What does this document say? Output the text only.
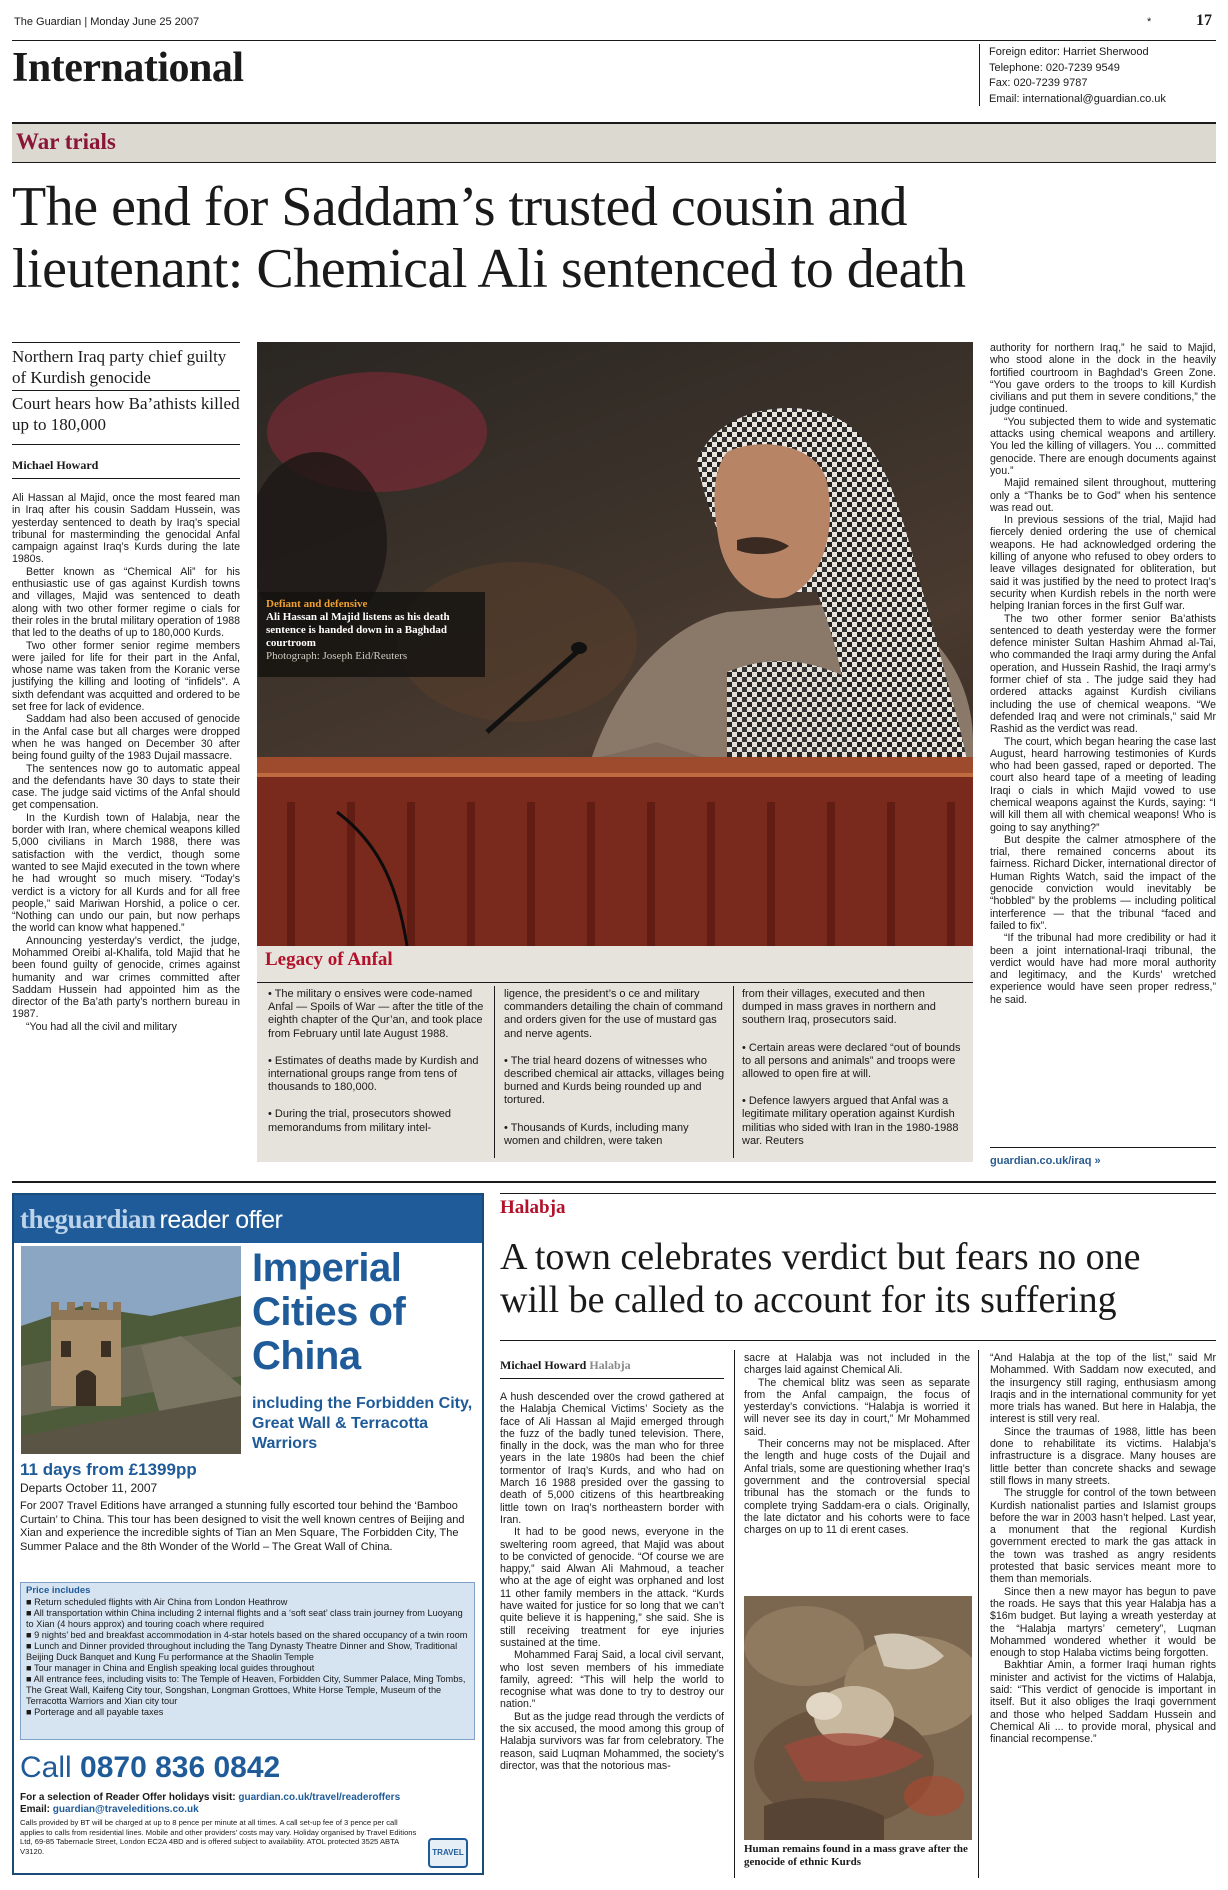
The Guardian | Monday June 25 2007	*	17
International	Foreign editor: Harriet Sherwood
Telephone: 020-7239 9549
Fax: 020-7239 9787
Email: international@guardian.co.uk
War trials
The end for Saddam’s trusted cousin and
lieutenant: Chemical Ali sentenced to death
Northern Iraq party chief guilty of Kurdish genocide
Court hears how Ba’athists killed up to 180,000
Michael Howard

Ali Hassan al Majid, once the most feared man in Iraq after his cousin Saddam Hussein, was yesterday sentenced to death by Iraq’s special tribunal for masterminding the genocidal Anfal campaign against Iraq’s Kurds during the late 1980s.

Better known as “Chemical Ali” for his enthusiastic use of gas against Kurdish towns and villages, Majid was sentenced to death along with two other former regime o cials for their roles in the brutal military operation of 1988 that led to the deaths of up to 180,000 Kurds.

Two other former senior regime members were jailed for life for their part in the Anfal, whose name was taken from the Koranic verse justifying the killing and looting of “infidels”. A sixth defendant was acquitted and ordered to be set free for lack of evidence.

Saddam had also been accused of genocide in the Anfal case but all charges were dropped when he was hanged on December 30 after being found guilty of the 1983 Dujail massacre.

The sentences now go to automatic appeal and the defendants have 30 days to state their case. The judge said victims of the Anfal should get compensation.

In the Kurdish town of Halabja, near the border with Iran, where chemical weapons killed 5,000 civilians in March 1988, there was satisfaction with the verdict, though some wanted to see Majid executed in the town where he had wrought so much misery. “Today’s verdict is a victory for all Kurds and for all free people,” said Mariwan Horshid, a police o cer. “Nothing can undo our pain, but now perhaps the world can know what happened.”

Announcing yesterday’s verdict, the judge, Mohammed Oreibi al-Khalifa, told Majid that he been found guilty of genocide, crimes against humanity and war crimes committed after Saddam Hussein had appointed him as the director of the Ba’ath party’s northern bureau in 1987.

“You had all the civil and military

Defiant and defensive
Ali Hassan al Majid listens as his death sentence is handed down in a Baghdad courtroom
Photograph: Joseph Eid/Reuters
Legacy of Anfal

• The military o ensives were code-named Anfal — Spoils of War — after the title of the eighth chapter of the Qur’an, and took place from February until late August 1988.

• Estimates of deaths made by Kurdish and international groups range from tens of thousands to 180,000.

• During the trial, prosecutors showed memorandums from military intel-

ligence, the president’s o ce and military commanders detailing the chain of command and orders given for the use of mustard gas and nerve agents.

• The trial heard dozens of witnesses who described chemical air attacks, villages being burned and Kurds being rounded up and tortured.

• Thousands of Kurds, including many women and children, were taken

from their villages, executed and then dumped in mass graves in northern and southern Iraq, prosecutors said.

• Certain areas were declared “out of bounds to all persons and animals” and troops were allowed to open fire at will.

• Defence lawyers argued that Anfal was a legitimate military operation against Kurdish militias who sided with Iran in the 1980-1988 war. Reuters

authority for northern Iraq,” he said to Majid, who stood alone in the dock in the heavily fortified courtroom in Baghdad’s Green Zone. “You gave orders to the troops to kill Kurdish civilians and put them in severe conditions,” the judge continued.

“You subjected them to wide and systematic attacks using chemical weapons and artillery. You led the killing of villagers. You ... committed genocide. There are enough documents against you.”

Majid remained silent throughout, muttering only a “Thanks be to God” when his sentence was read out.

In previous sessions of the trial, Majid had fiercely denied ordering the use of chemical weapons. He had acknowledged ordering the killing of anyone who refused to obey orders to leave villages designated for obliteration, but said it was justified by the need to protect Iraq’s security when Kurdish rebels in the north were helping Iranian forces in the first Gulf war.

The two other former senior Ba’athists sentenced to death yesterday were the former defence minister Sultan Hashim Ahmad al-Tai, who commanded the Iraqi army during the Anfal operation, and Hussein Rashid, the Iraqi army’s former chief of sta . The judge said they had ordered attacks against Kurdish civilians including the use of chemical weapons. “We defended Iraq and were not criminals,” said Mr Rashid as the verdict was read.

The court, which began hearing the case last August, heard harrowing testimonies of Kurds who had been gassed, raped or deported. The court also heard tape of a meeting of leading Iraqi o cials in which Majid vowed to use chemical weapons against the Kurds, saying: “I will kill them all with chemical weapons! Who is going to say anything?”

But despite the calmer atmosphere of the trial, there remained concerns about its fairness. Richard Dicker, international director of Human Rights Watch, said the impact of the genocide conviction would inevitably be “hobbled” by the problems — including political interference — that the tribunal “faced and failed to fix”.

“If the tribunal had more credibility or had it been a joint international-Iraqi tribunal, the verdict would have had more moral authority and legitimacy, and the Kurds’ wretched experience would have seen proper redress,” he said.

guardian.co.uk/iraq »
theguardian reader offer
Imperial
Cities of
China
including the Forbidden City, Great Wall & Terracotta Warriors
11 days from £1399pp
Departs October 11, 2007
For 2007 Travel Editions have arranged a stunning fully escorted tour behind the ‘Bamboo Curtain’ to China. This tour has been designed to visit the well known centres of Beijing and Xian and experience the incredible sights of Tian an Men Square, The Forbidden City, The Summer Palace and the 8th Wonder of the World – The Great Wall of China.
Price includes
■ Return scheduled flights with Air China from London Heathrow
■ All transportation within China including 2 internal flights and a ‘soft seat’ class train journey from Luoyang to Xian (4 hours approx) and touring coach where required
■ 9 nights’ bed and breakfast accommodation in 4-star hotels based on the shared occupancy of a twin room
■ Lunch and Dinner provided throughout including the Tang Dynasty Theatre Dinner and Show, Traditional Beijing Duck Banquet and Kung Fu performance at the Shaolin Temple
■ Tour manager in China and English speaking local guides throughout
■ All entrance fees, including visits to: The Temple of Heaven, Forbidden City, Summer Palace, Ming Tombs, The Great Wall, Kaifeng City tour, Songshan, Longman Grottoes, White Horse Temple, Museum of the Terracotta Warriors and Xian city tour
■ Porterage and all payable taxes
Call 0870 836 0842
For a selection of Reader Offer holidays visit: guardian.co.uk/travel/readeroffers
Email: guardian@traveleditions.co.uk
Calls provided by BT will be charged at up to 8 pence per minute at all times. A call set-up fee of 3 pence per call applies to calls from residential lines. Mobile and other providers’ costs may vary. Holiday organised by Travel Editions Ltd, 69-85 Tabernacle Street, London EC2A 4BD and is offered subject to availability. ATOL protected 3525 ABTA V3120.	TRAVEL
Halabja
A town celebrates verdict but fears no one
will be called to account for its suffering
Michael Howard Halabja

A hush descended over the crowd gathered at the Halabja Chemical Victims’ Society as the face of Ali Hassan al Majid emerged through the fuzz of the badly tuned television. There, finally in the dock, was the man who for three years in the late 1980s had been the chief tormentor of Iraq’s Kurds, and who had on March 16 1988 presided over the gassing to death of 5,000 citizens of this heartbreaking little town on Iraq’s northeastern border with Iran.

It had to be good news, everyone in the sweltering room agreed, that Majid was about to be convicted of genocide. “Of course we are happy,” said Alwan Ali Mahmoud, a teacher who at the age of eight was orphaned and lost 11 other family members in the attack. “Kurds have waited for justice for so long that we can’t quite believe it is happening,” she said. She is still receiving treatment for eye injuries sustained at the time.

Mohammed Faraj Said, a local civil servant, who lost seven members of his immediate family, agreed: “This will help the world to recognise what was done to try to destroy our nation.”

But as the judge read through the verdicts of the six accused, the mood among this group of Halabja survivors was far from celebratory. The reason, said Luqman Mohammed, the society’s director, was that the notorious mas-

sacre at Halabja was not included in the charges laid against Chemical Ali.

The chemical blitz was seen as separate from the Anfal campaign, the focus of yesterday’s convictions. “Halabja is worried it will never see its day in court,” Mr Mohammed said.

Their concerns may not be misplaced. After the length and huge costs of the Dujail and Anfal trials, some are questioning whether Iraq’s government and the controversial special tribunal has the stomach or the funds to complete trying Saddam-era o cials. Originally, the late dictator and his cohorts were to face charges on up to 11 di erent cases.

Human remains found in a mass grave after the genocide of ethnic Kurds

“And Halabja at the top of the list,” said Mr Mohammed. With Saddam now executed, and the insurgency still raging, enthusiasm among Iraqis and in the international community for yet more trials has waned. But here in Halabja, the interest is still very real.

Since the traumas of 1988, little has been done to rehabilitate its victims. Halabja’s infrastructure is a disgrace. Many houses are little better than concrete shacks and sewage still flows in many streets.

The struggle for control of the town between Kurdish nationalist parties and Islamist groups before the war in 2003 hasn’t helped. Last year, a monument that the regional Kurdish government erected to mark the gas attack in the town was trashed as angry residents protested that basic services meant more to them than memorials.

Since then a new mayor has begun to pave the roads. He says that this year Halabja has a $16m budget. But laying a wreath yesterday at the “Halabja martyrs’ cemetery”, Luqman Mohammed wondered whether it would be enough to stop Halaba victims being forgotten.

Bakhtiar Amin, a former Iraqi human rights minister and activist for the victims of Halabja, said: “This verdict of genocide is important in itself. But it also obliges the Iraqi government and those who helped Saddam Hussein and Chemical Ali ... to provide moral, physical and financial recompense.”
